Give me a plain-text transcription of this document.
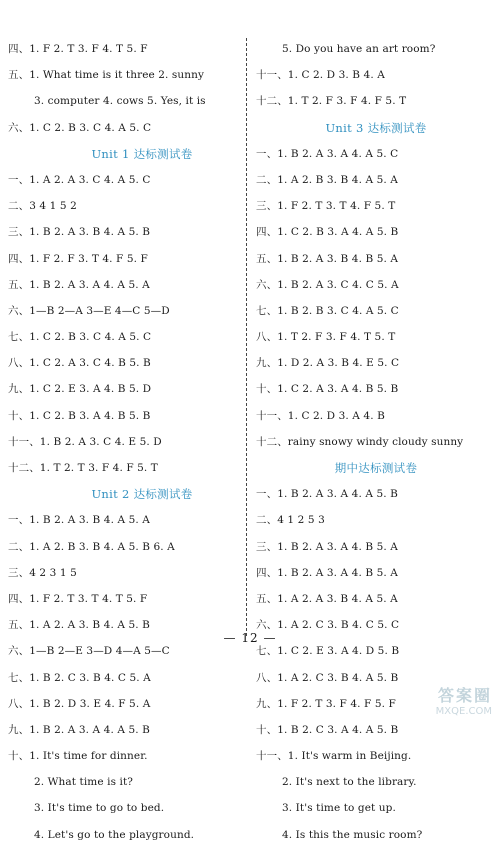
四、1. F 2. T 3. F 4. T 5. F
五、1. What time is it three 2. sunny
3. computer 4. cows 5. Yes, it is
六、1. C 2. B 3. C 4. A 5. C
Unit 1 达标测试卷
一、1. A 2. A 3. C 4. A 5. C
二、3 4 1 5 2
三、1. B 2. A 3. B 4. A 5. B
四、1. F 2. F 3. T 4. F 5. F
五、1. B 2. A 3. A 4. A 5. A
六、1—B 2—A 3—E 4—C 5—D
七、1. C 2. B 3. C 4. A 5. C
八、1. C 2. A 3. C 4. B 5. B
九、1. C 2. E 3. A 4. B 5. D
十、1. C 2. B 3. A 4. B 5. B
十一、1. B 2. A 3. C 4. E 5. D
十二、1. T 2. T 3. F 4. F 5. T
Unit 2 达标测试卷
一、1. B 2. A 3. B 4. A 5. A
二、1. A 2. B 3. B 4. A 5. B 6. A
三、4 2 3 1 5
四、1. F 2. T 3. T 4. T 5. F
五、1. A 2. A 3. B 4. A 5. B
六、1—B 2—E 3—D 4—A 5—C
七、1. B 2. C 3. B 4. C 5. A
八、1. B 2. D 3. E 4. F 5. A
九、1. B 2. A 3. A 4. A 5. B
十、1. It's time for dinner.
2. What time is it?
3. It's time to go to bed.
4. Let's go to the playground.
5. Do you have an art room?
十一、1. C 2. D 3. B 4. A
十二、1. T 2. F 3. F 4. F 5. T
Unit 3 达标测试卷
一、1. B 2. A 3. A 4. A 5. C
二、1. A 2. B 3. B 4. A 5. A
三、1. F 2. T 3. T 4. F 5. T
四、1. C 2. B 3. A 4. A 5. B
五、1. B 2. A 3. B 4. B 5. A
六、1. B 2. A 3. C 4. C 5. A
七、1. B 2. B 3. C 4. A 5. C
八、1. T 2. F 3. F 4. T 5. T
九、1. D 2. A 3. B 4. E 5. C
十、1. C 2. A 3. A 4. B 5. B
十一、1. C 2. D 3. A 4. B
十二、rainy snowy windy cloudy sunny
期中达标测试卷
一、1. B 2. A 3. A 4. A 5. B
二、4 1 2 5 3
三、1. B 2. A 3. A 4. B 5. A
四、1. B 2. A 3. A 4. B 5. A
五、1. A 2. A 3. B 4. A 5. A
六、1. A 2. C 3. B 4. C 5. C
七、1. C 2. E 3. A 4. D 5. B
八、1. A 2. C 3. B 4. A 5. B
九、1. F 2. T 3. F 4. F 5. F
十、1. B 2. C 3. A 4. A 5. B
十一、1. It's warm in Beijing.
2. It's next to the library.
3. It's time to get up.
4. Is this the music room?
— 12 —
答案圈
MXQE.COM
